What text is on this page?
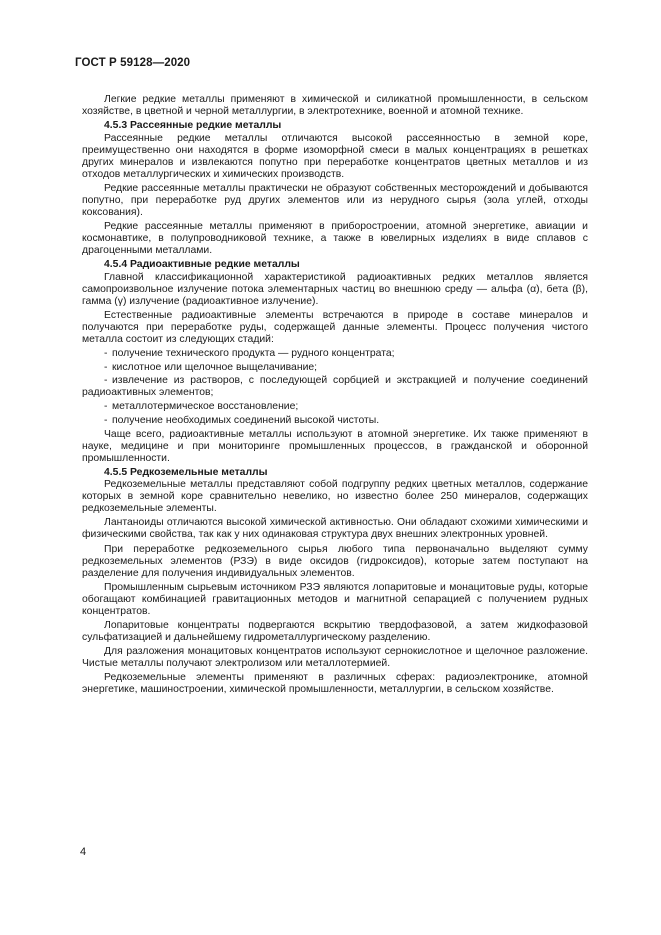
ГОСТ Р 59128—2020

Легкие редкие металлы применяют в химической и силикатной промышленности, в сельском хозяйстве, в цветной и черной металлургии, в электротехнике, военной и атомной технике.

4.5.3 Рассеянные редкие металлы

Рассеянные редкие металлы отличаются высокой рассеянностью в земной коре, преимущественно они находятся в форме изоморфной смеси в малых концентрациях в решетках других минералов и извлекаются попутно при переработке концентратов цветных металлов и из отходов металлургических и химических производств.

Редкие рассеянные металлы практически не образуют собственных месторождений и добываются попутно, при переработке руд других элементов или из нерудного сырья (зола углей, отходы коксования).

Редкие рассеянные металлы применяют в приборостроении, атомной энергетике, авиации и космонавтике, в полупроводниковой технике, а также в ювелирных изделиях в виде сплавов с драгоценными металлами.

4.5.4 Радиоактивные редкие металлы

Главной классификационной характеристикой радиоактивных редких металлов является самопроизвольное излучение потока элементарных частиц во внешнюю среду — альфа (α), бета (β), гамма (γ) излучение (радиоактивное излучение).

Естественные радиоактивные элементы встречаются в природе в составе минералов и получаются при переработке руды, содержащей данные элементы. Процесс получения чистого металла состоит из следующих стадий:

- получение технического продукта — рудного концентрата;
- кислотное или щелочное выщелачивание;
- извлечение из растворов, с последующей сорбцией и экстракцией и получение соединений радиоактивных элементов;
- металлотермическое восстановление;
- получение необходимых соединений высокой чистоты.

Чаще всего, радиоактивные металлы используют в атомной энергетике. Их также применяют в науке, медицине и при мониторинге промышленных процессов, в гражданской и оборонной промышленности.

4.5.5 Редкоземельные металлы

Редкоземельные металлы представляют собой подгруппу редких цветных металлов, содержание которых в земной коре сравнительно невелико, но известно более 250 минералов, содержащих редкоземельные элементы.

Лантаноиды отличаются высокой химической активностью. Они обладают схожими химическими и физическими свойства, так как у них одинаковая структура двух внешних электронных уровней.

При переработке редкоземельного сырья любого типа первоначально выделяют сумму редкоземельных элементов (РЗЭ) в виде оксидов (гидроксидов), которые затем поступают на разделение для получения индивидуальных элементов.

Промышленным сырьевым источником РЗЭ являются лопаритовые и монацитовые руды, которые обогащают комбинацией гравитационных методов и магнитной сепарацией с получением рудных концентратов.

Лопаритовые концентраты подвергаются вскрытию твердофазовой, а затем жидкофазовой сульфатизацией и дальнейшему гидрометаллургическому разделению.

Для разложения монацитовых концентратов используют сернокислотное и щелочное разложение. Чистые металлы получают электролизом или металлотермией.

Редкоземельные элементы применяют в различных сферах: радиоэлектронике, атомной энергетике, машиностроении, химической промышленности, металлургии, в сельском хозяйстве.

4
